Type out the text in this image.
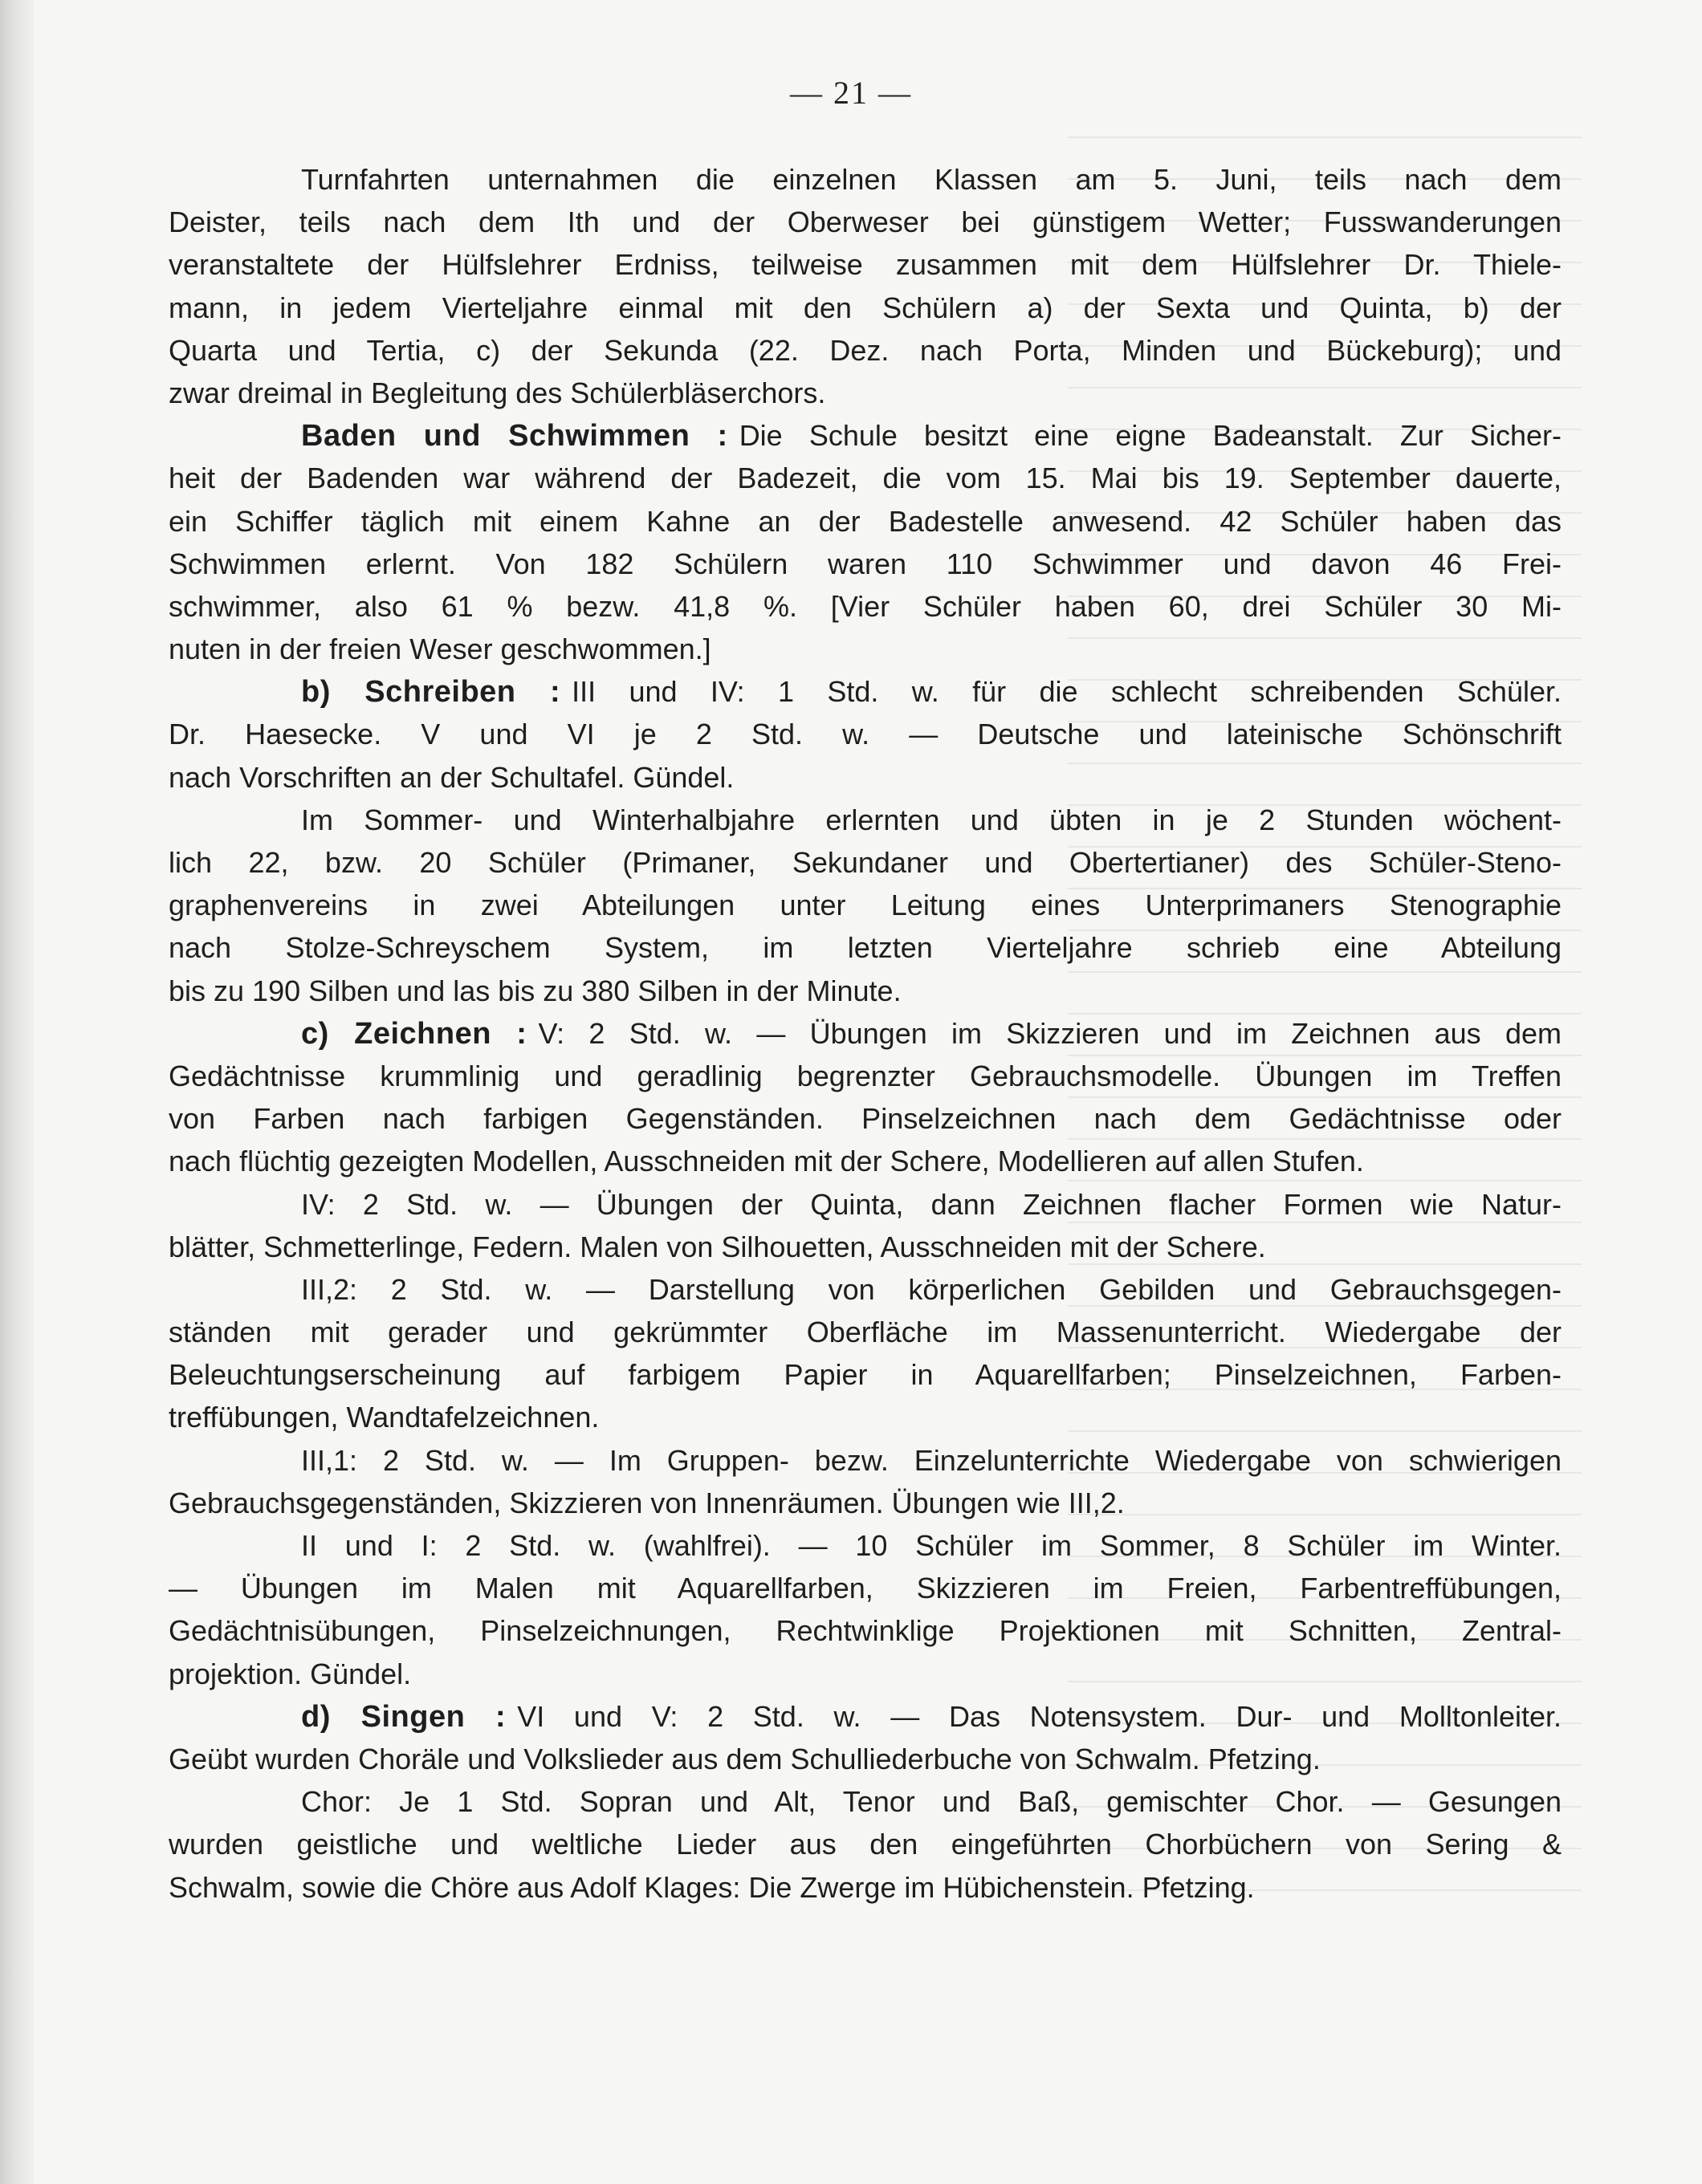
— 21 —
Turnfahrten unternahmen die einzelnen Klassen am 5. Juni, teils nach dem
Deister, teils nach dem Ith und der Oberweser bei günstigem Wetter; Fusswanderungen
veranstaltete der Hülfslehrer Erdniss, teilweise zusammen mit dem Hülfslehrer Dr. Thiele-
mann, in jedem Vierteljahre einmal mit den Schülern a) der Sexta und Quinta, b) der
Quarta und Tertia, c) der Sekunda (22. Dez. nach Porta, Minden und Bückeburg); und
zwar dreimal in Begleitung des Schülerbläserchors.
Baden und Schwimmen : Die Schule besitzt eine eigne Badeanstalt. Zur Sicher-
heit der Badenden war während der Badezeit, die vom 15. Mai bis 19. September dauerte,
ein Schiffer täglich mit einem Kahne an der Badestelle anwesend. 42 Schüler haben das
Schwimmen erlernt. Von 182 Schülern waren 110 Schwimmer und davon 46 Frei-
schwimmer, also 61 % bezw. 41,8 %. [Vier Schüler haben 60, drei Schüler 30 Mi-
nuten in der freien Weser geschwommen.]
b) Schreiben : III und IV: 1 Std. w. für die schlecht schreibenden Schüler.
Dr. Haesecke. V und VI je 2 Std. w. — Deutsche und lateinische Schönschrift
nach Vorschriften an der Schultafel. Gündel.
Im Sommer- und Winterhalbjahre erlernten und übten in je 2 Stunden wöchent-
lich 22, bzw. 20 Schüler (Primaner, Sekundaner und Obertertianer) des Schüler-Steno-
graphenvereins in zwei Abteilungen unter Leitung eines Unterprimaners Stenographie
nach Stolze-Schreyschem System, im letzten Vierteljahre schrieb eine Abteilung
bis zu 190 Silben und las bis zu 380 Silben in der Minute.
c) Zeichnen : V: 2 Std. w. — Übungen im Skizzieren und im Zeichnen aus dem
Gedächtnisse krummlinig und geradlinig begrenzter Gebrauchsmodelle. Übungen im Treffen
von Farben nach farbigen Gegenständen. Pinselzeichnen nach dem Gedächtnisse oder
nach flüchtig gezeigten Modellen, Ausschneiden mit der Schere, Modellieren auf allen Stufen.
IV: 2 Std. w. — Übungen der Quinta, dann Zeichnen flacher Formen wie Natur-
blätter, Schmetterlinge, Federn. Malen von Silhouetten, Ausschneiden mit der Schere.
III,2: 2 Std. w. — Darstellung von körperlichen Gebilden und Gebrauchsgegen-
ständen mit gerader und gekrümmter Oberfläche im Massenunterricht. Wiedergabe der
Beleuchtungserscheinung auf farbigem Papier in Aquarellfarben; Pinselzeichnen, Farben-
treffübungen, Wandtafelzeichnen.
III,1: 2 Std. w. — Im Gruppen- bezw. Einzelunterrichte Wiedergabe von schwierigen
Gebrauchsgegenständen, Skizzieren von Innenräumen. Übungen wie III,2.
II und I: 2 Std. w. (wahlfrei). — 10 Schüler im Sommer, 8 Schüler im Winter.
— Übungen im Malen mit Aquarellfarben, Skizzieren im Freien, Farbentreffübungen,
Gedächtnisübungen, Pinselzeichnungen, Rechtwinklige Projektionen mit Schnitten, Zentral-
projektion. Gündel.
d) Singen : VI und V: 2 Std. w. — Das Notensystem. Dur- und Molltonleiter.
Geübt wurden Choräle und Volkslieder aus dem Schulliederbuche von Schwalm. Pfetzing.
Chor: Je 1 Std. Sopran und Alt, Tenor und Baß, gemischter Chor. — Gesungen
wurden geistliche und weltliche Lieder aus den eingeführten Chorbüchern von Sering &
Schwalm, sowie die Chöre aus Adolf Klages: Die Zwerge im Hübichenstein. Pfetzing.
